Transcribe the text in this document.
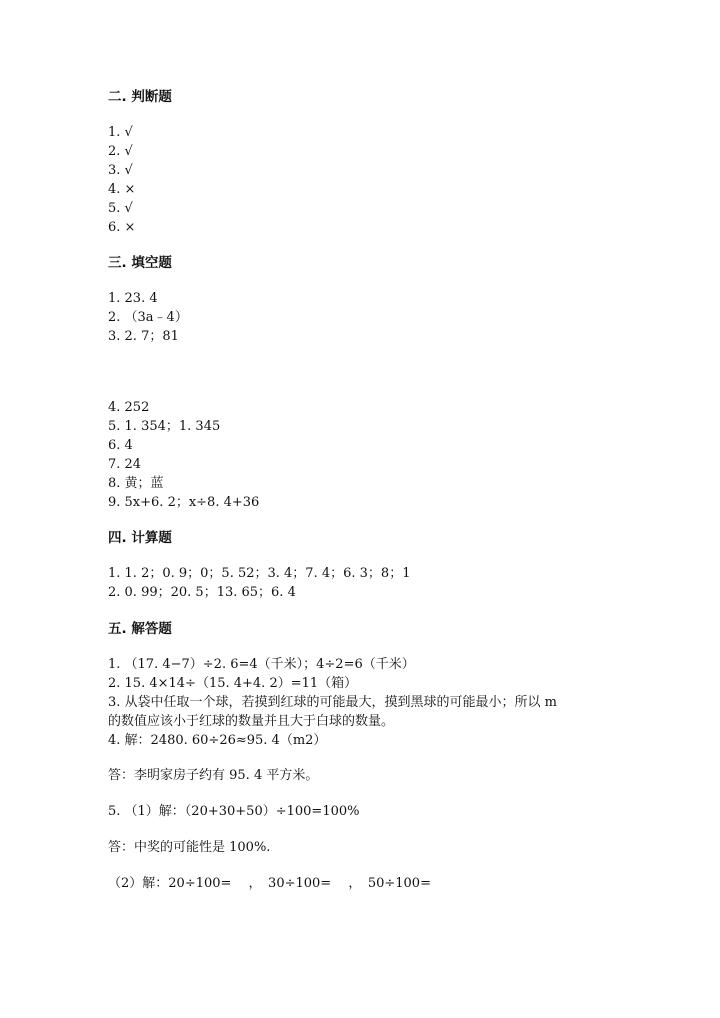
二. 判断题
1. √
2. √
3. √
4. ×
5. √
6. ×
三. 填空题
1. 23. 4
2. （3a﹣4）
3. 2. 7；81
4. 252
5. 1. 354；1. 345
6. 4
7. 24
8. 黄；蓝
9. 5x+6. 2；x÷8. 4+36
四. 计算题
1. 1. 2；0. 9；0；5. 52；3. 4；7. 4；6. 3；8；1
2. 0. 99；20. 5；13. 65；6. 4
五. 解答题
1. （17. 4−7）÷2. 6=4（千米）；4÷2=6（千米）
2. 15. 4×14÷（15. 4+4. 2）=11（箱）
3. 从袋中任取一个球，若摸到红球的可能最大，摸到黑球的可能最小；所以 m
的数值应该小于红球的数量并且大于白球的数量。
4. 解：2480. 60÷26≈95. 4（m2）
答：李明家房子约有 95. 4 平方米。
5. （1）解：（20+30+50）÷100=100%
答：中奖的可能性是 100%.
（2）解：20÷100=　 ，　30÷100=　 ，　50÷100=
